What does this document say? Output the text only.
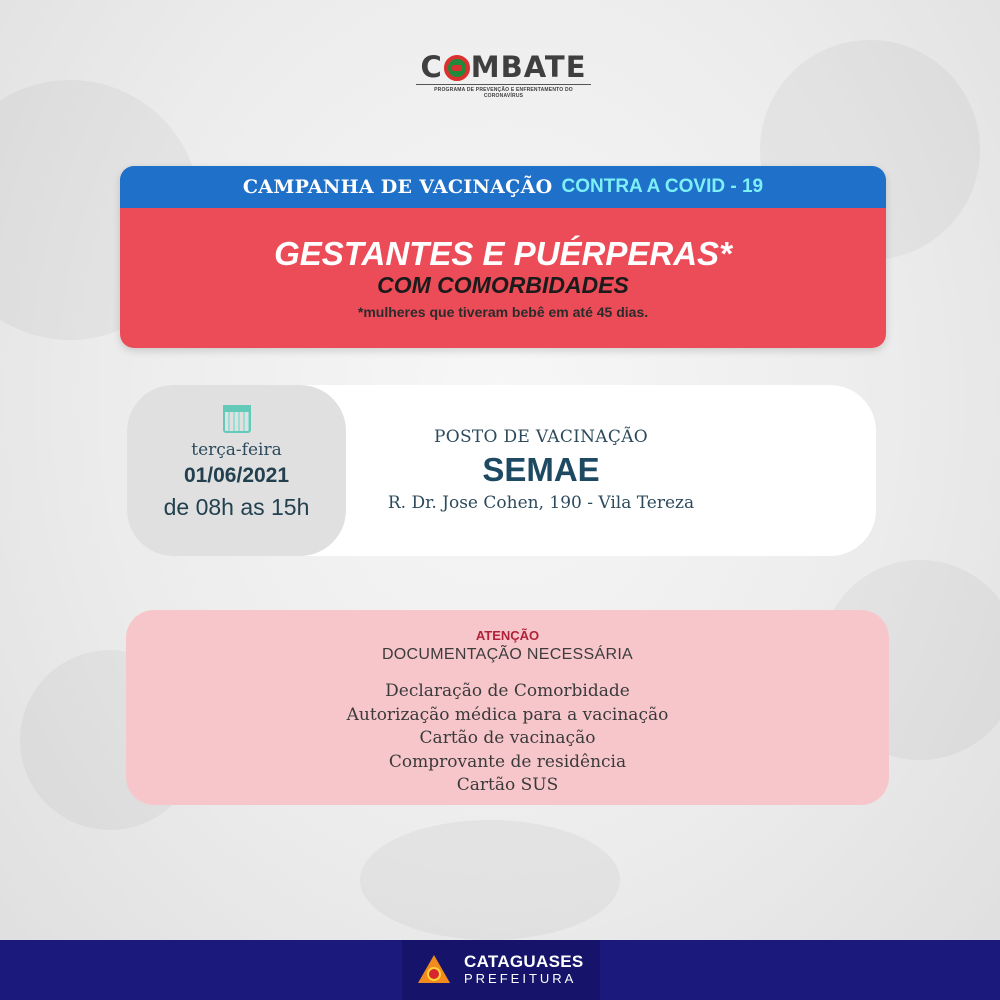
C MBATE
PROGRAMA DE PREVENÇÃO E ENFRENTAMENTO DO CORONAVÍRUS
CAMPANHA DE VACINAÇÃO CONTRA A COVID - 19
GESTANTES E PUÉRPERAS*
COM COMORBIDADES
*mulheres que tiveram bebê em até 45 dias.
terça-feira
01/06/2021
de 08h as 15h
POSTO DE VACINAÇÃO
SEMAE
R. Dr. Jose Cohen, 190 - Vila Tereza
ATENÇÃO
DOCUMENTAÇÃO NECESSÁRIA
Declaração de Comorbidade
Autorização médica para a vacinação
Cartão de vacinação
Comprovante de residência
Cartão SUS
CATAGUASES
PREFEITURA
